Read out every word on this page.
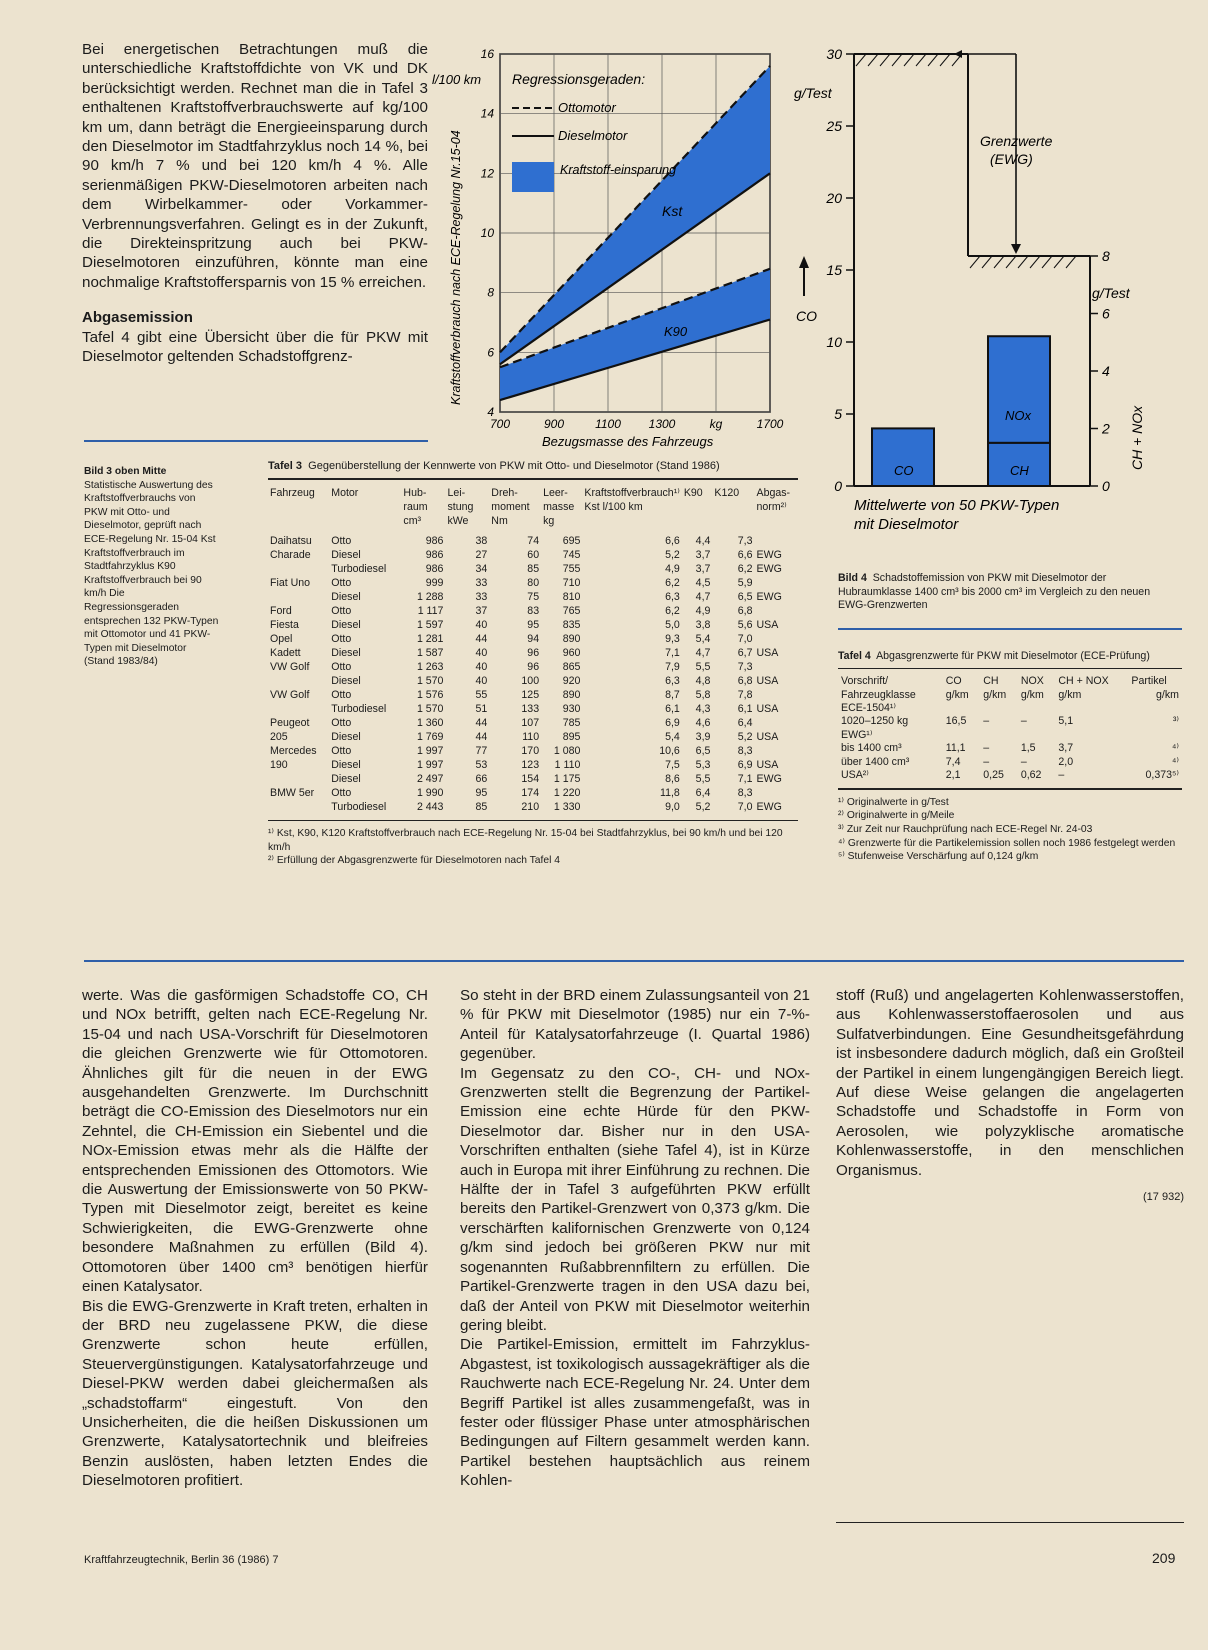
Bei energetischen Betrachtungen muß die unterschiedliche Kraftstoffdichte von VK und DK berücksichtigt werden. Rechnet man die in Tafel 3 enthaltenen Kraftstoffverbrauchswerte auf kg/100 km um, dann beträgt die Energieeinsparung durch den Dieselmotor im Stadtfahrzyklus noch 14 %, bei 90 km/h 7 % und bei 120 km/h 4 %. Alle serienmäßigen PKW-Dieselmotoren arbeiten nach dem Wirbelkammer- oder Vorkammer-Verbrennungsverfahren. Gelingt es in der Zukunft, die Direkteinspritzung auch bei PKW-Dieselmotoren einzuführen, könnte man eine nochmalige Kraftstoffersparnis von 15 % erreichen.

Abgasemission

Tafel 4 gibt eine Übersicht über die für PKW mit Dieselmotor geltenden Schadstoffgrenz-

4
6
8
10
12
14
16
700	900	1100 1300	kg	1700
l/100 km
Kraftstoffverbrauch nach ECE-Regelung Nr.15-04
Bezugsmasse des Fahrzeugs
Regressionsgeraden:
Ottomotor
Dieselmotor
Kraftstoff-einsparung
Kst
K90
0
5
10
15
20
25
30
0
2
4
6
8
CO	CH
NOx
g/Test
g/Test
CO
CH + NOx
Grenzwerte
(EWG)
Mittelwerte von 50 PKW-Typen
mit Dieselmotor
Bild 3 oben Mitte
Statistische Auswertung des Kraftstoffverbrauchs von PKW mit Otto- und Dieselmotor, geprüft nach ECE-Regelung Nr. 15-04 Kst Kraftstoffverbrauch im Stadtfahrzyklus K90 Kraftstoffverbrauch bei 90 km/h Die Regressionsgeraden entsprechen 132 PKW-Typen mit Ottomotor und 41 PKW-Typen mit Dieselmotor (Stand 1983/84)
Tafel 3 Gegenüberstellung der Kennwerte von PKW mit Otto- und Dieselmotor (Stand 1986)
Fahrzeug	Motor	Hub-raum cm³	Lei-stung kWe	Dreh-moment Nm	Leer-masse kg	Kraftstoffverbrauch¹⁾ Kst l/100 km	K90	K120	Abgas-norm²⁾
Daihatsu	Otto	986	38	74	695	6,6	4,4	7,3	
Charade	Diesel	986	27	60	745	5,2	3,7	6,6	EWG
	Turbodiesel	986	34	85	755	4,9	3,7	6,2	EWG
Fiat Uno	Otto	999	33	80	710	6,2	4,5	5,9	
	Diesel	1 288	33	75	810	6,3	4,7	6,5	EWG
Ford	Otto	1 117	37	83	765	6,2	4,9	6,8	
Fiesta	Diesel	1 597	40	95	835	5,0	3,8	5,6	USA
Opel	Otto	1 281	44	94	890	9,3	5,4	7,0	
Kadett	Diesel	1 587	40	96	960	7,1	4,7	6,7	USA
VW Golf	Otto	1 263	40	96	865	7,9	5,5	7,3	
	Diesel	1 570	40	100	920	6,3	4,8	6,8	USA
VW Golf	Otto	1 576	55	125	890	8,7	5,8	7,8	
	Turbodiesel	1 570	51	133	930	6,1	4,3	6,1	USA
Peugeot	Otto	1 360	44	107	785	6,9	4,6	6,4	
205	Diesel	1 769	44	110	895	5,4	3,9	5,2	USA
Mercedes	Otto	1 997	77	170	1 080	10,6	6,5	8,3	
190	Diesel	1 997	53	123	1 110	7,5	5,3	6,9	USA
	Diesel	2 497	66	154	1 175	8,6	5,5	7,1	EWG
BMW 5er	Otto	1 990	95	174	1 220	11,8	6,4	8,3	
	Turbodiesel	2 443	85	210	1 330	9,0	5,2	7,0	EWG
¹⁾ Kst, K90, K120 Kraftstoffverbrauch nach ECE-Regelung Nr. 15-04 bei Stadtfahrzyklus, bei 90 km/h und bei 120 km/h
²⁾ Erfüllung der Abgasgrenzwerte für Dieselmotoren nach Tafel 4
Bild 4 Schadstoffemission von PKW mit Dieselmotor der Hubraumklasse 1400 cm³ bis 2000 cm³ im Vergleich zu den neuen EWG-Grenzwerten
Tafel 4 Abgasgrenzwerte für PKW mit Dieselmotor (ECE-Prüfung)
Vorschrift/	CO	CH	NOX	CH + NOX	Partikel
Fahrzeugklasse	g/km	g/km	g/km	g/km	g/km
ECE-1504¹⁾					
1020–1250 kg	16,5	–	–	5,1	³⁾
EWG¹⁾					
bis 1400 cm³	11,1	–	1,5	3,7	⁴⁾
über 1400 cm³	7,4	–	–	2,0	⁴⁾
USA²⁾	2,1	0,25	0,62	–	0,373⁵⁾
¹⁾ Originalwerte in g/Test
²⁾ Originalwerte in g/Meile
³⁾ Zur Zeit nur Rauchprüfung nach ECE-Regel Nr. 24-03
⁴⁾ Grenzwerte für die Partikelemission sollen noch 1986 festgelegt werden
⁵⁾ Stufenweise Verschärfung auf 0,124 g/km

werte. Was die gasförmigen Schadstoffe CO, CH und NOx betrifft, gelten nach ECE-Regelung Nr. 15-04 und nach USA-Vorschrift für Dieselmotoren die gleichen Grenzwerte wie für Ottomotoren. Ähnliches gilt für die neuen in der EWG ausgehandelten Grenzwerte. Im Durchschnitt beträgt die CO-Emission des Dieselmotors nur ein Zehntel, die CH-Emission ein Siebentel und die NOx-Emission etwas mehr als die Hälfte der entsprechenden Emissionen des Ottomotors. Wie die Auswertung der Emissionswerte von 50 PKW-Typen mit Dieselmotor zeigt, bereitet es keine Schwierigkeiten, die EWG-Grenzwerte ohne besondere Maßnahmen zu erfüllen (Bild 4). Ottomotoren über 1400 cm³ benötigen hierfür einen Katalysator.

Bis die EWG-Grenzwerte in Kraft treten, erhalten in der BRD neu zugelassene PKW, die diese Grenzwerte schon heute erfüllen, Steuervergünstigungen. Katalysatorfahrzeuge und Diesel-PKW werden dabei gleichermaßen als „schadstoffarm“ eingestuft. Von den Unsicherheiten, die die heißen Diskussionen um Grenzwerte, Katalysatortechnik und bleifreies Benzin auslösten, haben letzten Endes die Dieselmotoren profitiert.

So steht in der BRD einem Zulassungsanteil von 21 % für PKW mit Dieselmotor (1985) nur ein 7-%-Anteil für Katalysatorfahrzeuge (I. Quartal 1986) gegenüber.

Im Gegensatz zu den CO-, CH- und NOx-Grenzwerten stellt die Begrenzung der Partikel-Emission eine echte Hürde für den PKW-Dieselmotor dar. Bisher nur in den USA-Vorschriften enthalten (siehe Tafel 4), ist in Kürze auch in Europa mit ihrer Einführung zu rechnen. Die Hälfte der in Tafel 3 aufgeführten PKW erfüllt bereits den Partikel-Grenzwert von 0,373 g/km. Die verschärften kalifornischen Grenzwerte von 0,124 g/km sind jedoch bei größeren PKW nur mit sogenannten Rußabbrennfiltern zu erfüllen. Die Partikel-Grenzwerte tragen in den USA dazu bei, daß der Anteil von PKW mit Dieselmotor weiterhin gering bleibt.

Die Partikel-Emission, ermittelt im Fahrzyklus-Abgastest, ist toxikologisch aussagekräftiger als die Rauchwerte nach ECE-Regelung Nr. 24. Unter dem Begriff Partikel ist alles zusammengefaßt, was in fester oder flüssiger Phase unter atmosphärischen Bedingungen auf Filtern gesammelt werden kann. Partikel bestehen hauptsächlich aus reinem Kohlen-

stoff (Ruß) und angelagerten Kohlenwasserstoffen, aus Kohlenwasserstoffaerosolen und aus Sulfatverbindungen. Eine Gesundheitsgefährdung ist insbesondere dadurch möglich, daß ein Großteil der Partikel in einem lungengängigen Bereich liegt. Auf diese Weise gelangen die angelagerten Schadstoffe und Schadstoffe in Form von Aerosolen, wie polyzyklische aromatische Kohlenwasserstoffe, in den menschlichen Organismus.

(17 932)
Kraftfahrzeugtechnik, Berlin 36 (1986) 7	209
